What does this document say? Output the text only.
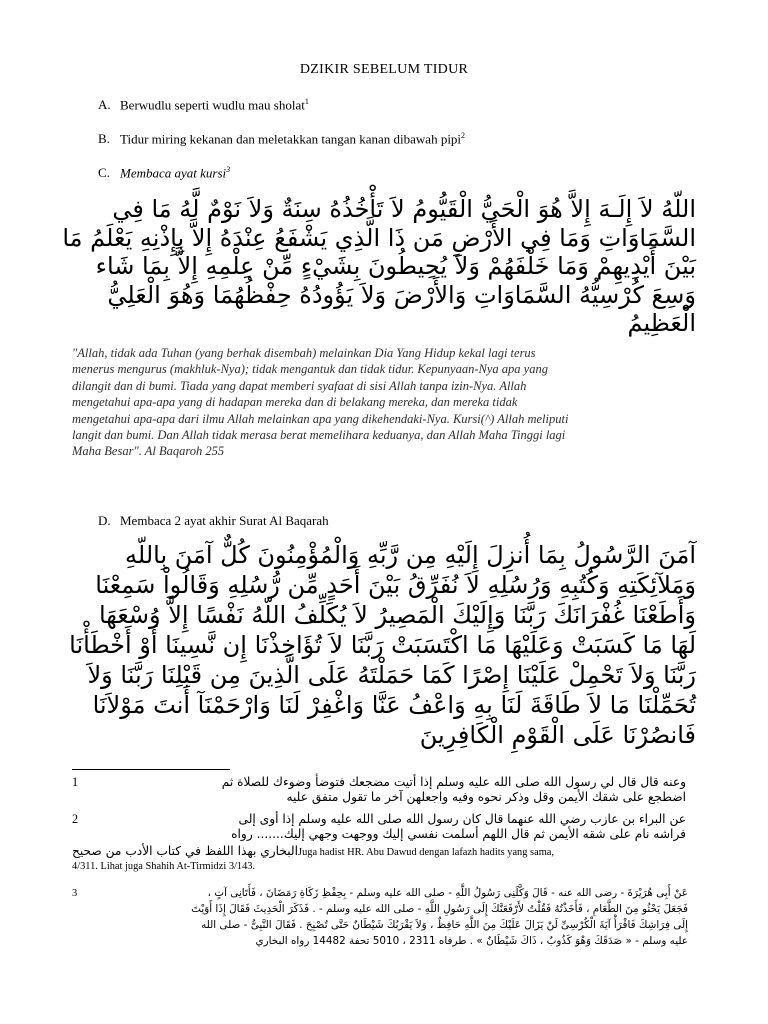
DZIKIR SEBELUM TIDUR
A. Berwudlu seperti wudlu mau sholat$^1$
B. Tidur miring kekanan dan meletakkan tangan kanan dibawah pipi$^2$
C. Membaca ayat kursi$^3$

اللّهُ لاَ إِلَـهَ إِلاَّ هُوَ الْحَيُّ الْقَيُّومُ لاَ تَأْخُذُهُ سِنَةٌ وَلاَ نَوْمٌ لَّهُ مَا فِي

السَّمَاوَاتِ وَمَا فِي الأَرْضِ مَن ذَا الَّذِي يَشْفَعُ عِنْدَهُ إِلاَّ بِإِذْنِهِ يَعْلَمُ مَا

بَيْنَ أَيْدِيهِمْ وَمَا خَلْفَهُمْ وَلاَ يُحِيطُونَ بِشَيْءٍ مِّنْ عِلْمِهِ إِلاَّ بِمَا شَاء

وَسِعَ كُرْسِيُّهُ السَّمَاوَاتِ وَالأَرْضَ وَلاَ يَؤُودُهُ حِفْظُهُمَا وَهُوَ الْعَلِيُّ

الْعَظِيمُ

"Allah, tidak ada Tuhan (yang berhak disembah) melainkan Dia Yang Hidup kekal lagi terus

menerus mengurus (makhluk-Nya); tidak mengantuk dan tidak tidur. Kepunyaan-Nya apa yang

dilangit dan di bumi. Tiada yang dapat memberi syafaat di sisi Allah tanpa izin-Nya. Allah

mengetahui apa-apa yang di hadapan mereka dan di belakang mereka, dan mereka tidak

mengetahui apa-apa dari ilmu Allah melainkan apa yang dikehendaki-Nya. Kursi(^) Allah meliputi

langit dan bumi. Dan Allah tidak merasa berat memelihara keduanya, dan Allah Maha Tinggi lagi

Maha Besar". Al Baqaroh 255

D. Membaca 2 ayat akhir Surat Al Baqarah

آمَنَ الرَّسُولُ بِمَا أُنزِلَ إِلَيْهِ مِن رَّبِّهِ وَالْمُؤْمِنُونَ كُلٌّ آمَنَ بِاللّهِ

وَمَلآئِكَتِهِ وَكُتُبِهِ وَرُسُلِهِ لاَ نُفَرِّقُ بَيْنَ أَحَدٍ مِّن رُّسُلِهِ وَقَالُواْ سَمِعْنَا

وَأَطَعْنَا غُفْرَانَكَ رَبَّنَا وَإِلَيْكَ الْمَصِيرُ لاَ يُكَلِّفُ اللّهُ نَفْسًا إِلاَّ وُسْعَهَا

لَهَا مَا كَسَبَتْ وَعَلَيْهَا مَا اكْتَسَبَتْ رَبَّنَا لاَ تُؤَاخِذْنَا إِن نَّسِينَا أَوْ أَخْطَأْنَا

رَبَّنَا وَلاَ تَحْمِلْ عَلَيْنَا إِصْرًا كَمَا حَمَلْتَهُ عَلَى الَّذِينَ مِن قَبْلِنَا رَبَّنَا وَلاَ

تُحَمِّلْنَا مَا لاَ طَاقَةَ لَنَا بِهِ وَاعْفُ عَنَّا وَاغْفِرْ لَنَا وَارْحَمْنَآ أَنتَ مَوْلاَنَا

فَانصُرْنَا عَلَى الْقَوْمِ الْكَافِرِينَ

1	وعنه قال قال لي رسول الله صلى الله عليه وسلم إذا أتيت مضجعك فتوضأ وضوءك للصلاة ثم
اضطجع على شقك الأيمن وقل وذكر نحوه وفيه واجعلهن آخر ما تقول متفق عليه
2	عن البراء بن عازب رضي الله عنهما قال كان رسول الله صلى الله عليه وسلم إذا أوى إلى
فراشه نام على شقه الأيمن ثم قال اللهم أسلمت نفسي إليك ووجهت وجهي إليك....... رواه
البخاري بهذا اللفظ في كتاب الأدب من صحيحJuga hadist HR. Abu Dawud dengan lafazh hadits yang sama,
4/311. Lihat juga Shahih At-Tirmidzi 3/143.
3	عَنْ أَبِى هُرَيْرَةَ - رضى الله عنه - قَالَ وَكَّلَنِى رَسُولُ اللَّهِ - صلى الله عليه وسلم - بِحِفْظِ زَكَاةِ رَمَضَانَ ، فَأَتَانِى آتٍ ،
فَجَعَلَ يَحْثُو مِنَ الطَّعَامِ ، فَأَخَذْتُهُ فَقُلْتُ لأَرْفَعَنَّكَ إِلَى رَسُولِ اللَّهِ - صلى الله عليه وسلم - . فَذَكَرَ الْحَدِيثَ فَقَالَ إِذَا أَوَيْتَ
إِلَى فِرَاشِكَ فَاقْرَأْ آيَةَ الْكُرْسِىِّ لَنْ يَزَالَ عَلَيْكَ مِنَ اللَّهِ حَافِظٌ ، وَلاَ يَقْرَبُكَ شَيْطَانٌ حَتَّى تُصْبِحَ . فَقَالَ النَّبِىُّ - صلى الله
عليه وسلم - « صَدَقَكَ وَهْوَ كَذُوبٌ ، ذَاكَ شَيْطَانٌ » . طرفاه 2311 ، 5010 تحفة 14482 رواه البخاري
